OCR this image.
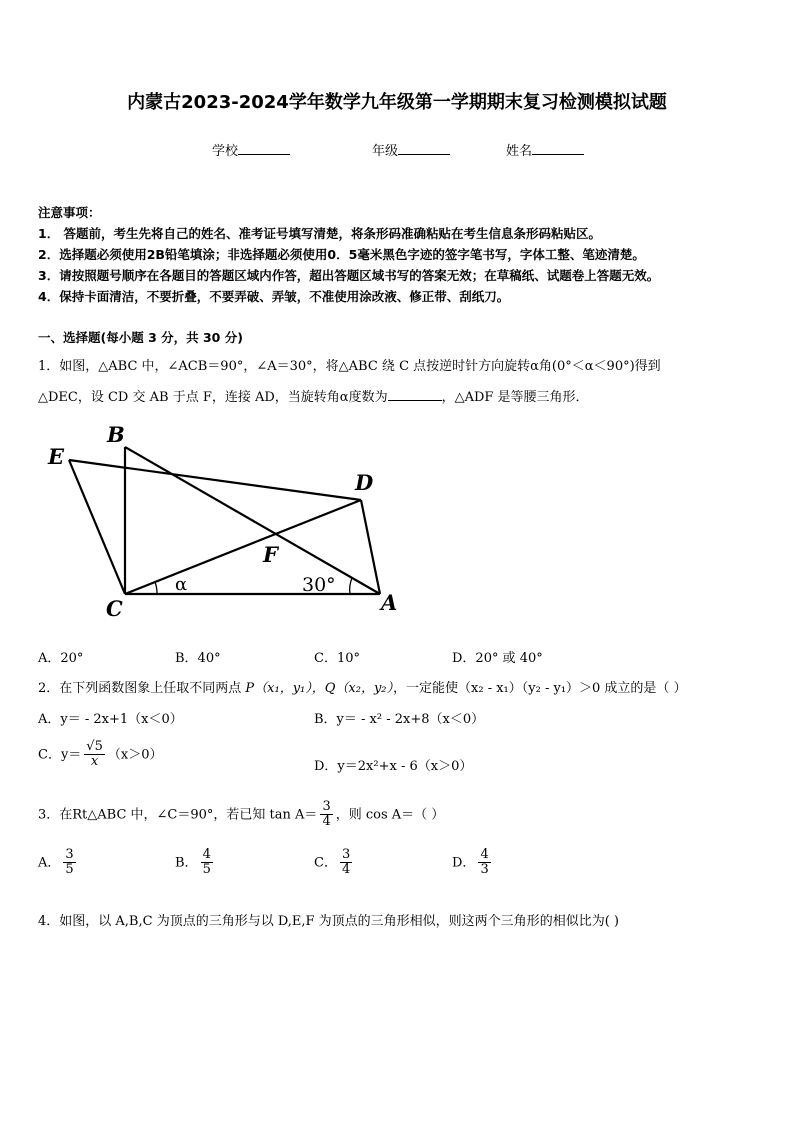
内蒙古2023-2024学年数学九年级第一学期期末复习检测模拟试题
学校	年级	姓名
注意事项：
1． 答题前，考生先将自己的姓名、准考证号填写清楚，将条形码准确粘贴在考生信息条形码粘贴区。
2．选择题必须使用2B铅笔填涂；非选择题必须使用0．5毫米黑色字迹的签字笔书写，字体工整、笔迹清楚。
3．请按照题号顺序在各题目的答题区域内作答，超出答题区域书写的答案无效；在草稿纸、试题卷上答题无效。
4．保持卡面清洁，不要折叠，不要弄破、弄皱，不准使用涂改液、修正带、刮纸刀。
一、选择题(每小题 3 分，共 30 分)
1．如图，△ABC 中，∠ACB＝90°，∠A＝30°，将△ABC 绕 C 点按逆时针方向旋转α角(0°＜α＜90°)得到
△DEC，设 CD 交 AB 于点 F，连接 AD，当旋转角α度数为	，△ADF 是等腰三角形．
E
B
D
F
C	A
α	30°
A．20°	B．40°	C．10°	D．20° 或 40°
2．在下列函数图象上任取不同两点 P（x₁，y₁），Q（x₂，y₂），一定能使（x₂ - x₁）（y₂ - y₁）＞0 成立的是（ ）
A．y＝ - 2x+1（x＜0）	B．y＝ - x² - 2x+8（x＜0）
C．$y= \frac{√5}{x} (x>0)$
D．y＝2x²+x - 6（x＞0）
3．在Rt△ABC 中，∠C＝90°，若已知 $\tan A= \frac{3}{4}$ ，则 cos A＝（ ）
A． $\frac{3}{5}$	B． $\frac{4}{5}$	C． $\frac{3}{4}$	D． $\frac{4}{3}$
4．如图，以 A,B,C 为顶点的三角形与以 D,E,F 为顶点的三角形相似，则这两个三角形的相似比为( )
